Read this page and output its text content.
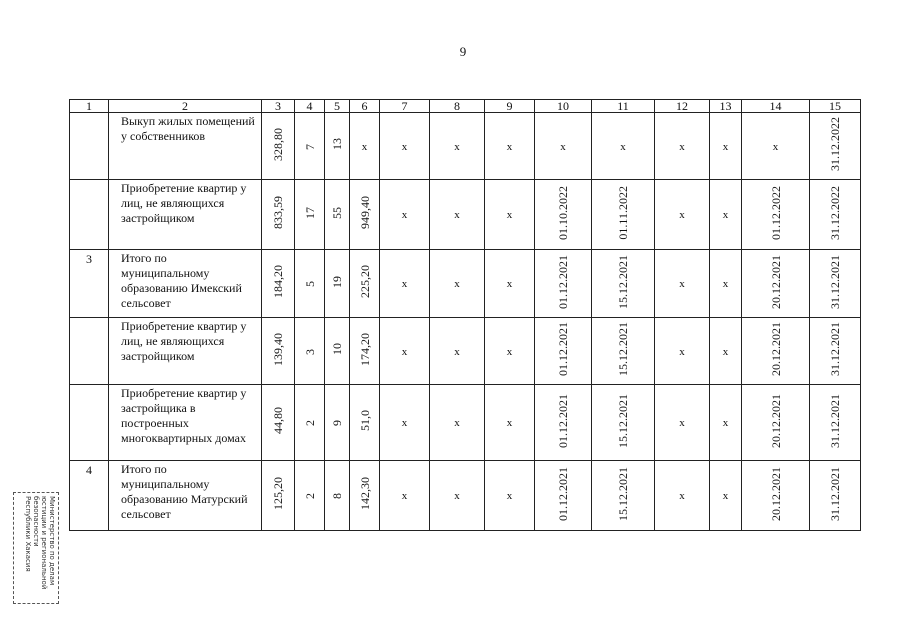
9
1	2	3	4	5	6	7	8	9	10	11	12	13	14	15
	Выкуп жилых помещений у собственников	328,80	7	13	x	x	x	x	x	x	x	x	x	31.12.2022
	Приобретение квартир у лиц, не являющихся застройщиком	833,59	17	55	949,40	x	x	x	01.10.2022	01.11.2022	x	x	01.12.2022	31.12.2022
3	Итого по муниципальному образованию Имекский сельсовет	184,20	5	19	225,20	x	x	x	01.12.2021	15.12.2021	x	x	20.12.2021	31.12.2021
	Приобретение квартир у лиц, не являющихся застройщиком	139,40	3	10	174,20	x	x	x	01.12.2021	15.12.2021	x	x	20.12.2021	31.12.2021
	Приобретение квартир у застройщика в построенных многоквартирных домах	44,80	2	9	51,0	x	x	x	01.12.2021	15.12.2021	x	x	20.12.2021	31.12.2021
4	Итого по муниципальному образованию Матурский сельсовет	125,20	2	8	142,30	x	x	x	01.12.2021	15.12.2021	x	x	20.12.2021	31.12.2021
Министерство по делам
юстиции и региональной
безопасности
Республики Хакасия
